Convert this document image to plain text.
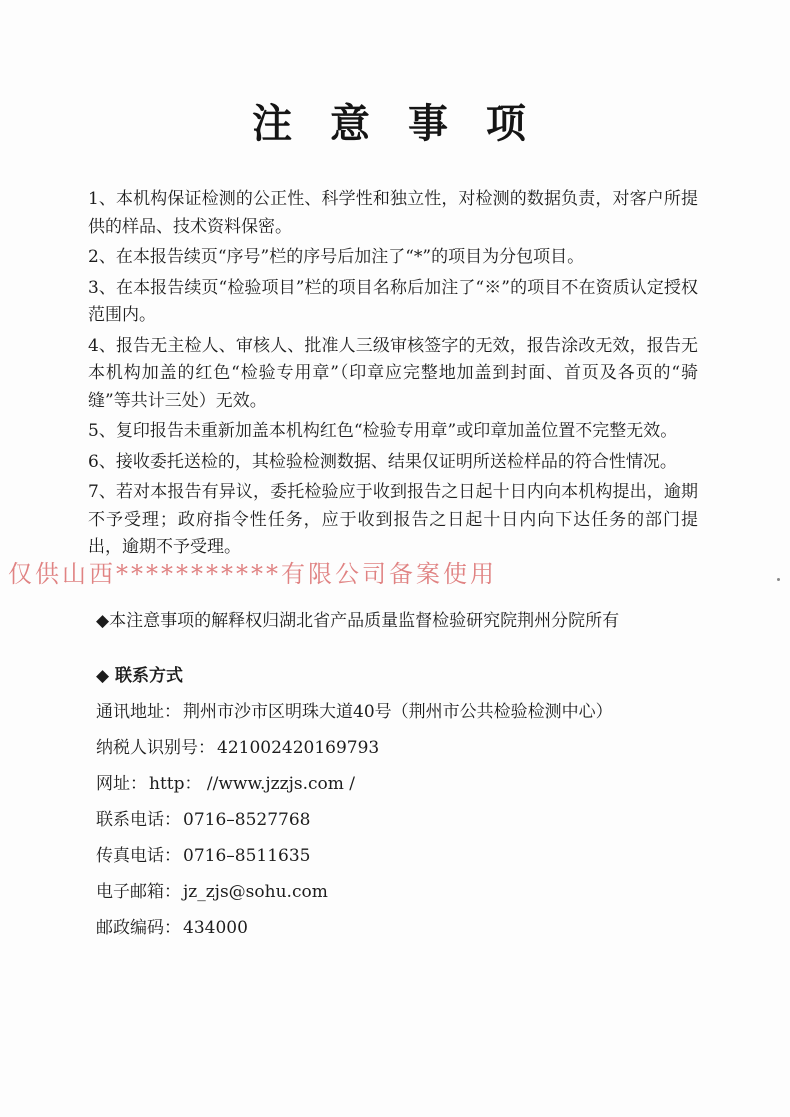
注 意 事 项

1、本机构保证检测的公正性、科学性和独立性，对检测的数据负责，对客户所提供的样品、技术资料保密。

2、在本报告续页“序号”栏的序号后加注了“*”的项目为分包项目。

3、在本报告续页“检验项目”栏的项目名称后加注了“※”的项目不在资质认定授权范围内。

4、报告无主检人、审核人、批准人三级审核签字的无效，报告涂改无效，报告无本机构加盖的红色“检验专用章”（印章应完整地加盖到封面、首页及各页的“骑缝”等共计三处）无效。

5、复印报告未重新加盖本机构红色“检验专用章”或印章加盖位置不完整无效。

6、接收委托送检的，其检验检测数据、结果仅证明所送检样品的符合性情况。

7、若对本报告有异议，委托检验应于收到报告之日起十日内向本机构提出，逾期不予受理；政府指令性任务，应于收到报告之日起十日内向下达任务的部门提出，逾期不予受理。

◆本注意事项的解释权归湖北省产品质量监督检验研究院荆州分院所有
◆ 联系方式
通讯地址： 荆州市沙市区明珠大道40号（荆州市公共检验检测中心）
纳税人识别号： 421002420169793
网址： http： //www.jzzjs.com /
联系电话： 0716–8527768
传真电话： 0716–8511635
电子邮箱： jz_zjs@sohu.com
邮政编码： 434000
仅供山西***********有限公司备案使用
